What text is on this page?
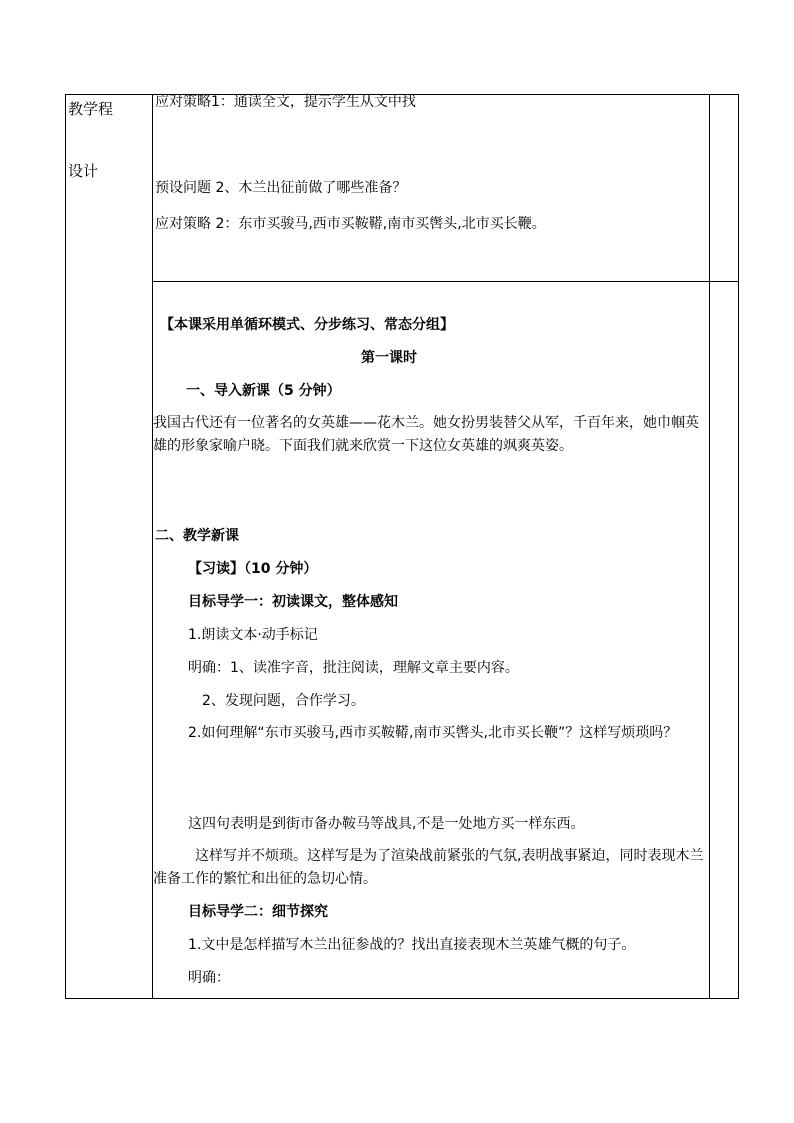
教学程
设计
应对策略1：通读全文，提示学生从文中找
预设问题 2、木兰出征前做了哪些准备？
应对策略 2：东市买骏马,西市买鞍鞯,南市买辔头,北市买长鞭。
【本课采用单循环模式、分步练习、常态分组】
第一课时
一、导入新课（5 分钟）
我国古代还有一位著名的女英雄——花木兰。她女扮男装替父从军，千百年来，她巾帼英雄的形象家喻户晓。下面我们就来欣赏一下这位女英雄的飒爽英姿。
二、教学新课
【习读】（10 分钟）
目标导学一：初读课文，整体感知
1.朗读文本·动手标记
明确：1、读准字音，批注阅读，理解文章主要内容。
2、发现问题，合作学习。
2.如何理解“东市买骏马,西市买鞍鞯,南市买辔头,北市买长鞭”？这样写烦琐吗？
这四句表明是到街市备办鞍马等战具,不是一处地方买一样东西。
这样写并不烦琐。这样写是为了渲染战前紧张的气氛,表明战事紧迫，同时表现木兰准备工作的繁忙和出征的急切心情。
目标导学二：细节探究
1.文中是怎样描写木兰出征参战的？找出直接表现木兰英雄气概的句子。
明确：
